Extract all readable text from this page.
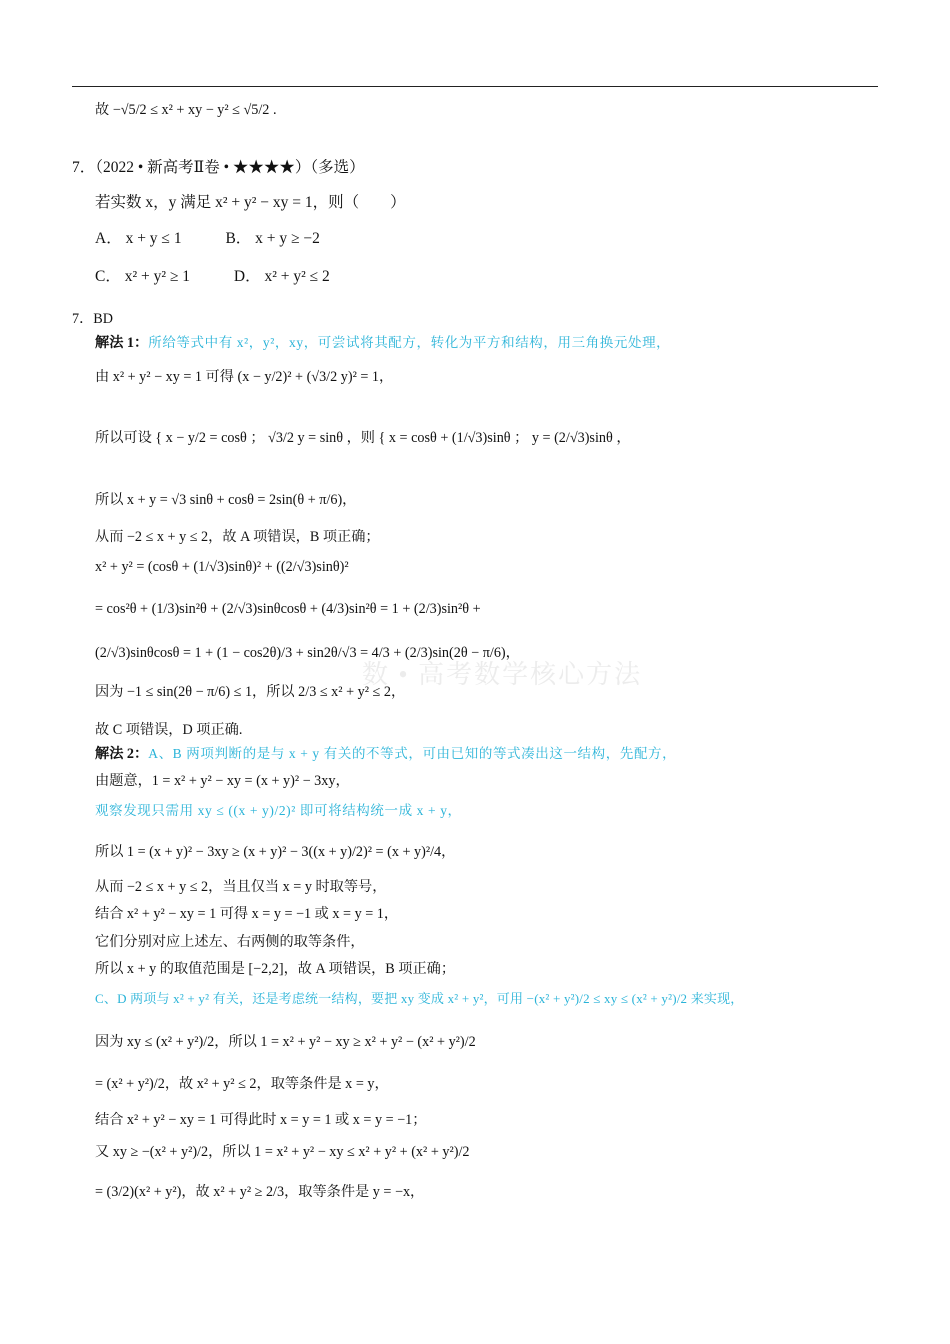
故 −√5/2 ≤ x² + xy − y² ≤ √5/2 .
7．（2022 • 新高考Ⅱ卷 • ★★★★）（多选）
若实数 x，y 满足 x² + y² − xy = 1，则（　　）
A． x + y ≤ 1	B． x + y ≥ −2
C． x² + y² ≥ 1	D． x² + y² ≤ 2
7．BD
解法 1：所给等式中有 x²，y²，xy，可尝试将其配方，转化为平方和结构，用三角换元处理，
由 x² + y² − xy = 1 可得 (x − y/2)² + (√3/2 y)² = 1，
所以可设 { x − y/2 = cosθ ； √3/2 y = sinθ ，则 { x = cosθ + (1/√3)sinθ ； y = (2/√3)sinθ ，
所以 x + y = √3 sinθ + cosθ = 2sin(θ + π/6)，
从而 −2 ≤ x + y ≤ 2，故 A 项错误，B 项正确；
x² + y² = (cosθ + (1/√3)sinθ)² + ((2/√3)sinθ)²
= cos²θ + (1/3)sin²θ + (2/√3)sinθcosθ + (4/3)sin²θ = 1 + (2/3)sin²θ +
(2/√3)sinθcosθ = 1 + (1 − cos2θ)/3 + sin2θ/√3 = 4/3 + (2/3)sin(2θ − π/6)，
因为 −1 ≤ sin(2θ − π/6) ≤ 1，所以 2/3 ≤ x² + y² ≤ 2，
故 C 项错误，D 项正确.
解法 2：A、B 两项判断的是与 x + y 有关的不等式，可由已知的等式凑出这一结构，先配方，
由题意，1 = x² + y² − xy = (x + y)² − 3xy，
观察发现只需用 xy ≤ ((x + y)/2)² 即可将结构统一成 x + y，
所以 1 = (x + y)² − 3xy ≥ (x + y)² − 3((x + y)/2)² = (x + y)²/4，
从而 −2 ≤ x + y ≤ 2，当且仅当 x = y 时取等号，
结合 x² + y² − xy = 1 可得 x = y = −1 或 x = y = 1，
它们分别对应上述左、右两侧的取等条件，
所以 x + y 的取值范围是 [−2,2]，故 A 项错误，B 项正确；
C、D 两项与 x² + y² 有关，还是考虑统一结构，要把 xy 变成 x² + y²，可用 −(x² + y²)/2 ≤ xy ≤ (x² + y²)/2 来实现，
因为 xy ≤ (x² + y²)/2，所以 1 = x² + y² − xy ≥ x² + y² − (x² + y²)/2
= (x² + y²)/2，故 x² + y² ≤ 2，取等条件是 x = y，
结合 x² + y² − xy = 1 可得此时 x = y = 1 或 x = y = −1；
又 xy ≥ −(x² + y²)/2，所以 1 = x² + y² − xy ≤ x² + y² + (x² + y²)/2
= (3/2)(x² + y²)，故 x² + y² ≥ 2/3，取等条件是 y = −x，
数 • 高考数学核心方法
